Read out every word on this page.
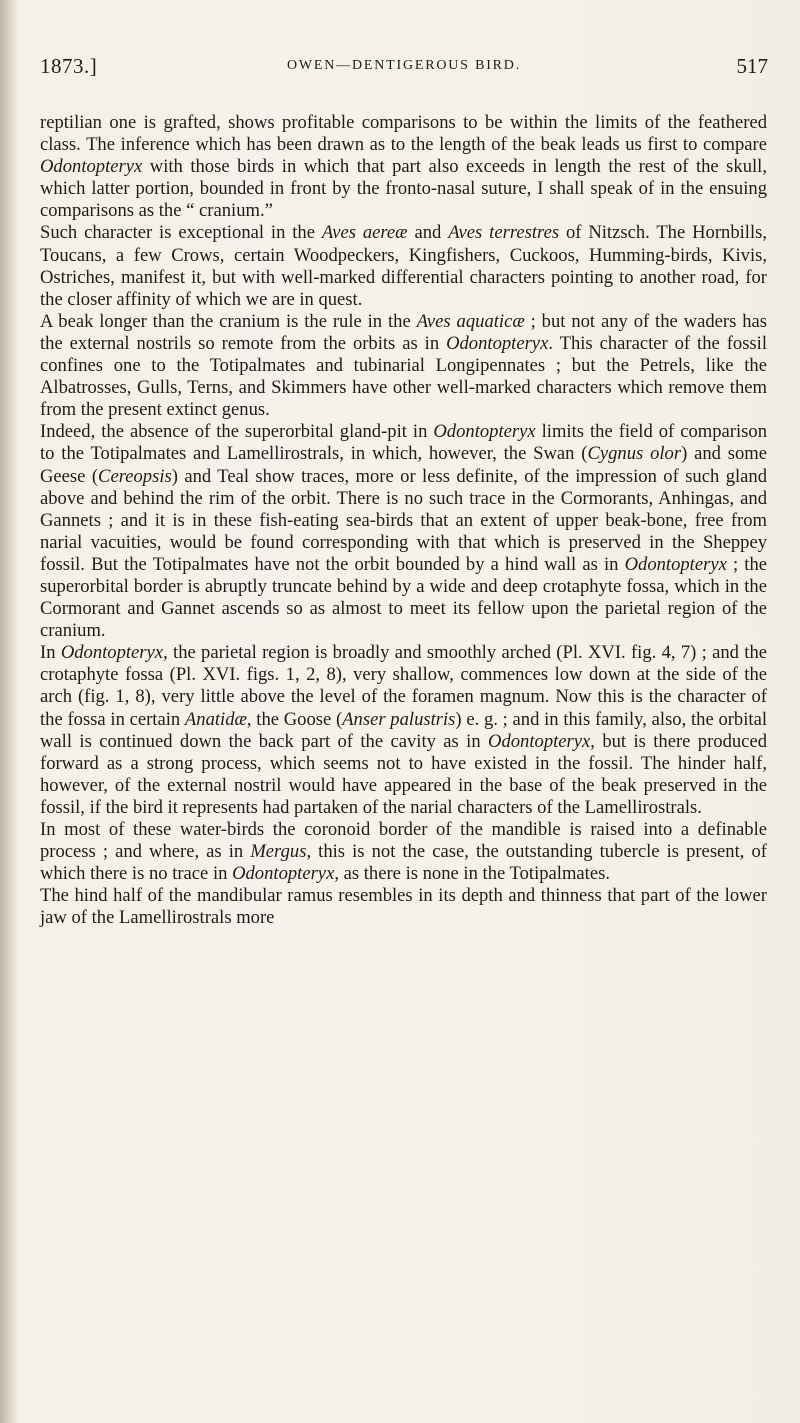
1873.]	OWEN—DENTIGEROUS BIRD.	517

reptilian one is grafted, shows profitable comparisons to be within the limits of the feathered class. The inference which has been drawn as to the length of the beak leads us first to compare Odontopteryx with those birds in which that part also exceeds in length the rest of the skull, which latter portion, bounded in front by the fronto-nasal suture, I shall speak of in the ensuing comparisons as the “ cranium.”

Such character is exceptional in the Aves aereæ and Aves terrestres of Nitzsch. The Hornbills, Toucans, a few Crows, certain Woodpeckers, Kingfishers, Cuckoos, Humming-birds, Kivis, Ostriches, manifest it, but with well-marked differential characters pointing to another road, for the closer affinity of which we are in quest.

A beak longer than the cranium is the rule in the Aves aquaticæ ; but not any of the waders has the external nostrils so remote from the orbits as in Odontopteryx. This character of the fossil confines one to the Totipalmates and tubinarial Longipennates ; but the Petrels, like the Albatrosses, Gulls, Terns, and Skimmers have other well-marked characters which remove them from the present extinct genus.

Indeed, the absence of the superorbital gland-pit in Odontopteryx limits the field of comparison to the Totipalmates and Lamellirostrals, in which, however, the Swan (Cygnus olor) and some Geese (Cereopsis) and Teal show traces, more or less definite, of the impression of such gland above and behind the rim of the orbit. There is no such trace in the Cormorants, Anhingas, and Gannets ; and it is in these fish-eating sea-birds that an extent of upper beak-bone, free from narial vacuities, would be found corresponding with that which is preserved in the Sheppey fossil. But the Totipalmates have not the orbit bounded by a hind wall as in Odontopteryx ; the superorbital border is abruptly truncate behind by a wide and deep crotaphyte fossa, which in the Cormorant and Gannet ascends so as almost to meet its fellow upon the parietal region of the cranium.

In Odontopteryx, the parietal region is broadly and smoothly arched (Pl. XVI. fig. 4, 7) ; and the crotaphyte fossa (Pl. XVI. figs. 1, 2, 8), very shallow, commences low down at the side of the arch (fig. 1, 8), very little above the level of the foramen magnum. Now this is the character of the fossa in certain Anatidæ, the Goose (Anser palustris) e. g. ; and in this family, also, the orbital wall is continued down the back part of the cavity as in Odontopteryx, but is there produced forward as a strong process, which seems not to have existed in the fossil. The hinder half, however, of the external nostril would have appeared in the base of the beak preserved in the fossil, if the bird it represents had partaken of the narial characters of the Lamellirostrals.

In most of these water-birds the coronoid border of the mandible is raised into a definable process ; and where, as in Mergus, this is not the case, the outstanding tubercle is present, of which there is no trace in Odontopteryx, as there is none in the Totipalmates.

The hind half of the mandibular ramus resembles in its depth and thinness that part of the lower jaw of the Lamellirostrals more
